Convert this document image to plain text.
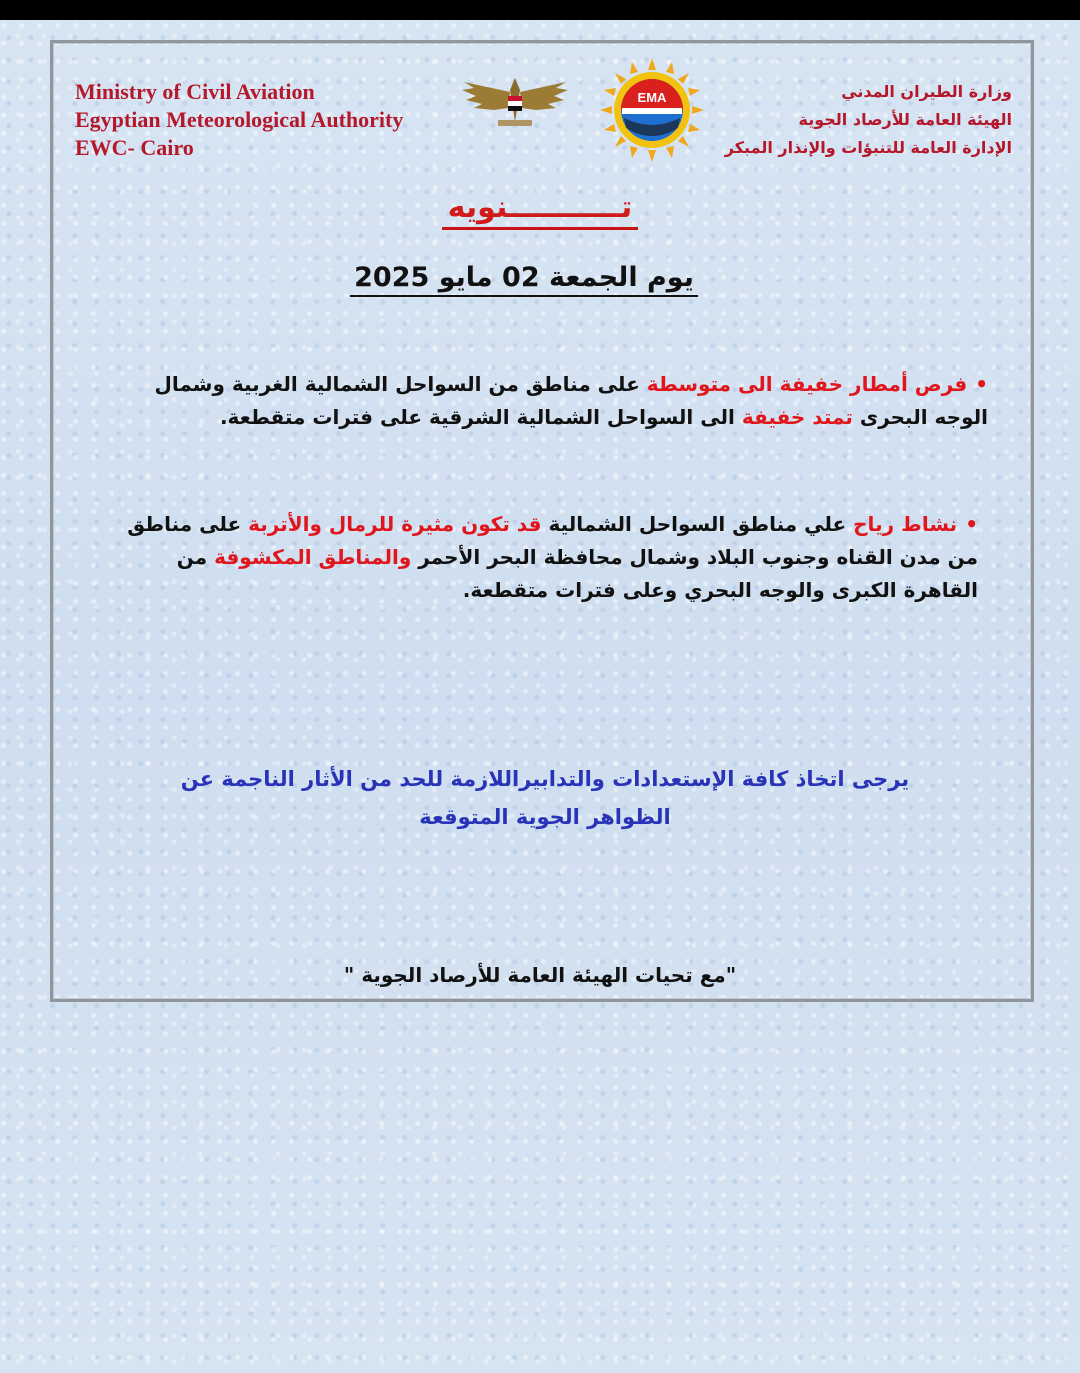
Ministry of Civil Aviation
Egyptian Meteorological Authority
EWC- Cairo
EMA	وزارة الطيران المدني
الهيئة العامة للأرصاد الجوية
الإدارة العامة للتنبؤات والإنذار المبكر
تـــــــــــنويه
يوم الجمعة 02 مايو 2025
•فرص أمطار خفيفة الى متوسطة على مناطق من السواحل الشمالية الغربية وشمال الوجه البحرى تمتد خفيفة الى السواحل الشمالية الشرقية على فترات متقطعة.
•نشاط رياح علي مناطق السواحل الشمالية قد تكون مثيرة للرمال والأتربة على مناطق من مدن القناه وجنوب البلاد وشمال محافظة البحر الأحمر والمناطق المكشوفة من القاهرة الكبرى والوجه البحري وعلى فترات متقطعة.
يرجى اتخاذ كافة الإستعدادات والتدابيراللازمة للحد من الأثار الناجمة عن
الظواهر الجوية المتوقعة
"مع تحيات الهيئة العامة للأرصاد الجوية "
